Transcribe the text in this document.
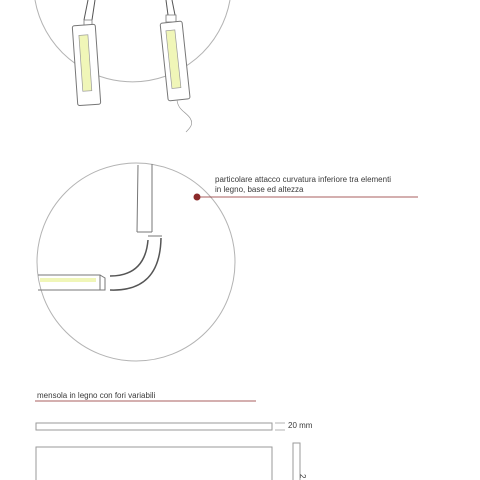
particolare attacco curvatura inferiore tra elementi
in legno, base ed altezza
mensola in legno con fori variabili
20 mm
2
